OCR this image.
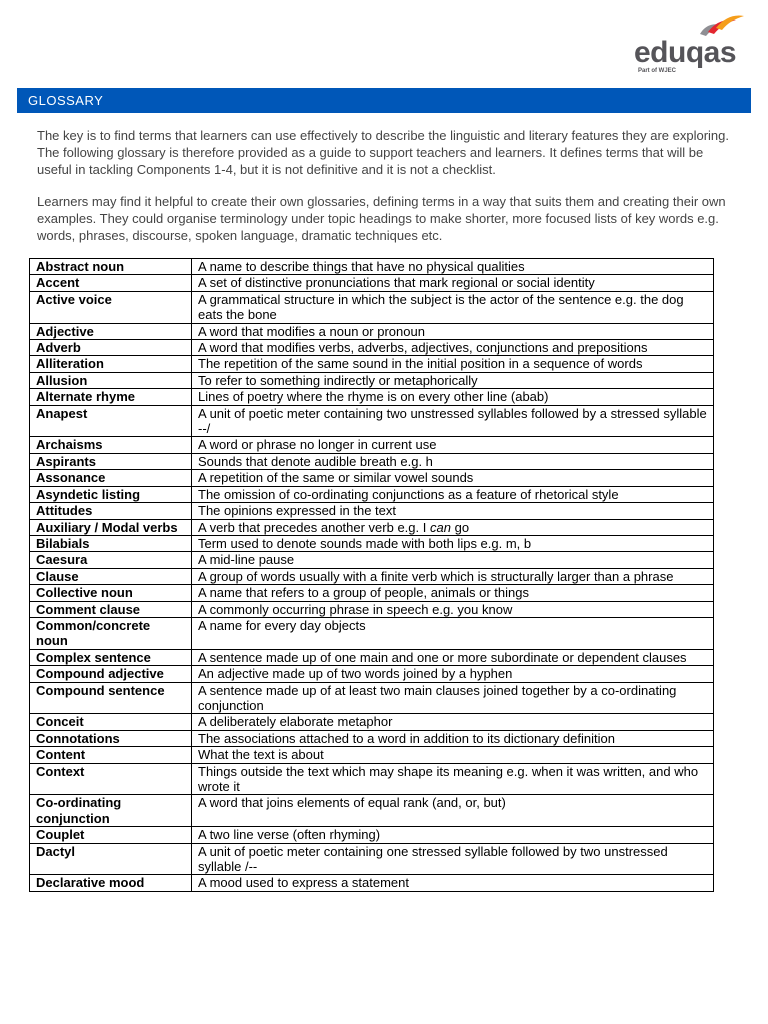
eduqas
Part of WJEC
GLOSSARY

The key is to find terms that learners can use effectively to describe the linguistic and literary features they are exploring. The following glossary is therefore provided as a guide to support teachers and learners. It defines terms that will be useful in tackling Components 1-4, but it is not definitive and it is not a checklist.

Learners may find it helpful to create their own glossaries, defining terms in a way that suits them and creating their own examples. They could organise terminology under topic headings to make shorter, more focused lists of key words e.g. words, phrases, discourse, spoken language, dramatic techniques etc.

Abstract noun	A name to describe things that have no physical qualities
Accent	A set of distinctive pronunciations that mark regional or social identity
Active voice	A grammatical structure in which the subject is the actor of the sentence e.g. the dog eats the bone
Adjective	A word that modifies a noun or pronoun
Adverb	A word that modifies verbs, adverbs, adjectives, conjunctions and prepositions
Alliteration	The repetition of the same sound in the initial position in a sequence of words
Allusion	To refer to something indirectly or metaphorically
Alternate rhyme	Lines of poetry where the rhyme is on every other line (abab)
Anapest	A unit of poetic meter containing two unstressed syllables followed by a stressed syllable --/
Archaisms	A word or phrase no longer in current use
Aspirants	Sounds that denote audible breath e.g. h
Assonance	A repetition of the same or similar vowel sounds
Asyndetic listing	The omission of co-ordinating conjunctions as a feature of rhetorical style
Attitudes	The opinions expressed in the text
Auxiliary / Modal verbs	A verb that precedes another verb e.g. I can go
Bilabials	Term used to denote sounds made with both lips e.g. m, b
Caesura	A mid-line pause
Clause	A group of words usually with a finite verb which is structurally larger than a phrase
Collective noun	A name that refers to a group of people, animals or things
Comment clause	A commonly occurring phrase in speech e.g. you know
Common/concrete noun	A name for every day objects
Complex sentence	A sentence made up of one main and one or more subordinate or dependent clauses
Compound adjective	An adjective made up of two words joined by a hyphen
Compound sentence	A sentence made up of at least two main clauses joined together by a co-ordinating conjunction
Conceit	A deliberately elaborate metaphor
Connotations	The associations attached to a word in addition to its dictionary definition
Content	What the text is about
Context	Things outside the text which may shape its meaning e.g. when it was written, and who wrote it
Co-ordinating conjunction	A word that joins elements of equal rank (and, or, but)
Couplet	A two line verse (often rhyming)
Dactyl	A unit of poetic meter containing one stressed syllable followed by two unstressed syllable /--
Declarative mood	A mood used to express a statement
